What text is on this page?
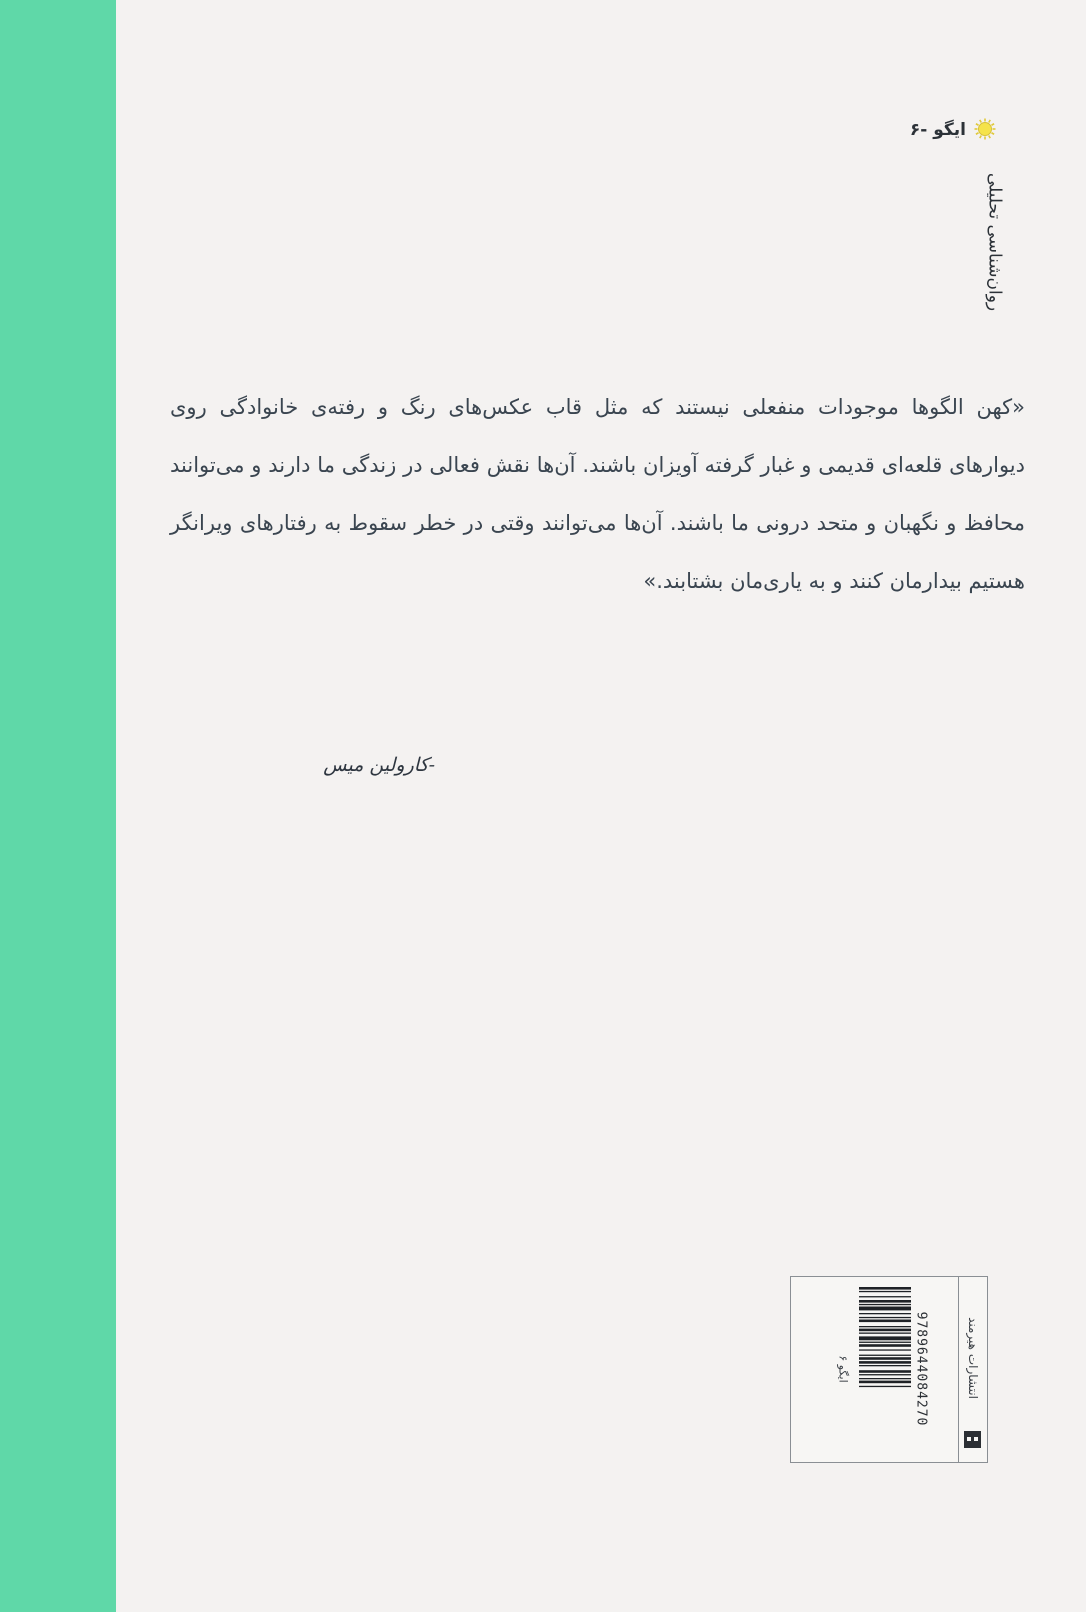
ایگو -۶
روان‌شناسی تحلیلی
«کهن الگوها موجودات منفعلی نیستند که مثل قاب عکس‌های رنگ و رفته‌ی خانوادگی روی دیوارهای قلعه‌ای قدیمی و غبار گرفته آویزان باشند. آن‌ها نقش فعالی در زندگی ما دارند و می‌توانند محافظ و نگهبان و متحد درونی ما باشند. آن‌ها می‌توانند وقتی در خطر سقوط به رفتارهای ویرانگر هستیم بیدارمان کنند و به یاری‌مان بشتابند.»
-کارولین میس
ایگو ۶	9789644084270	انتشارات هیرمند
